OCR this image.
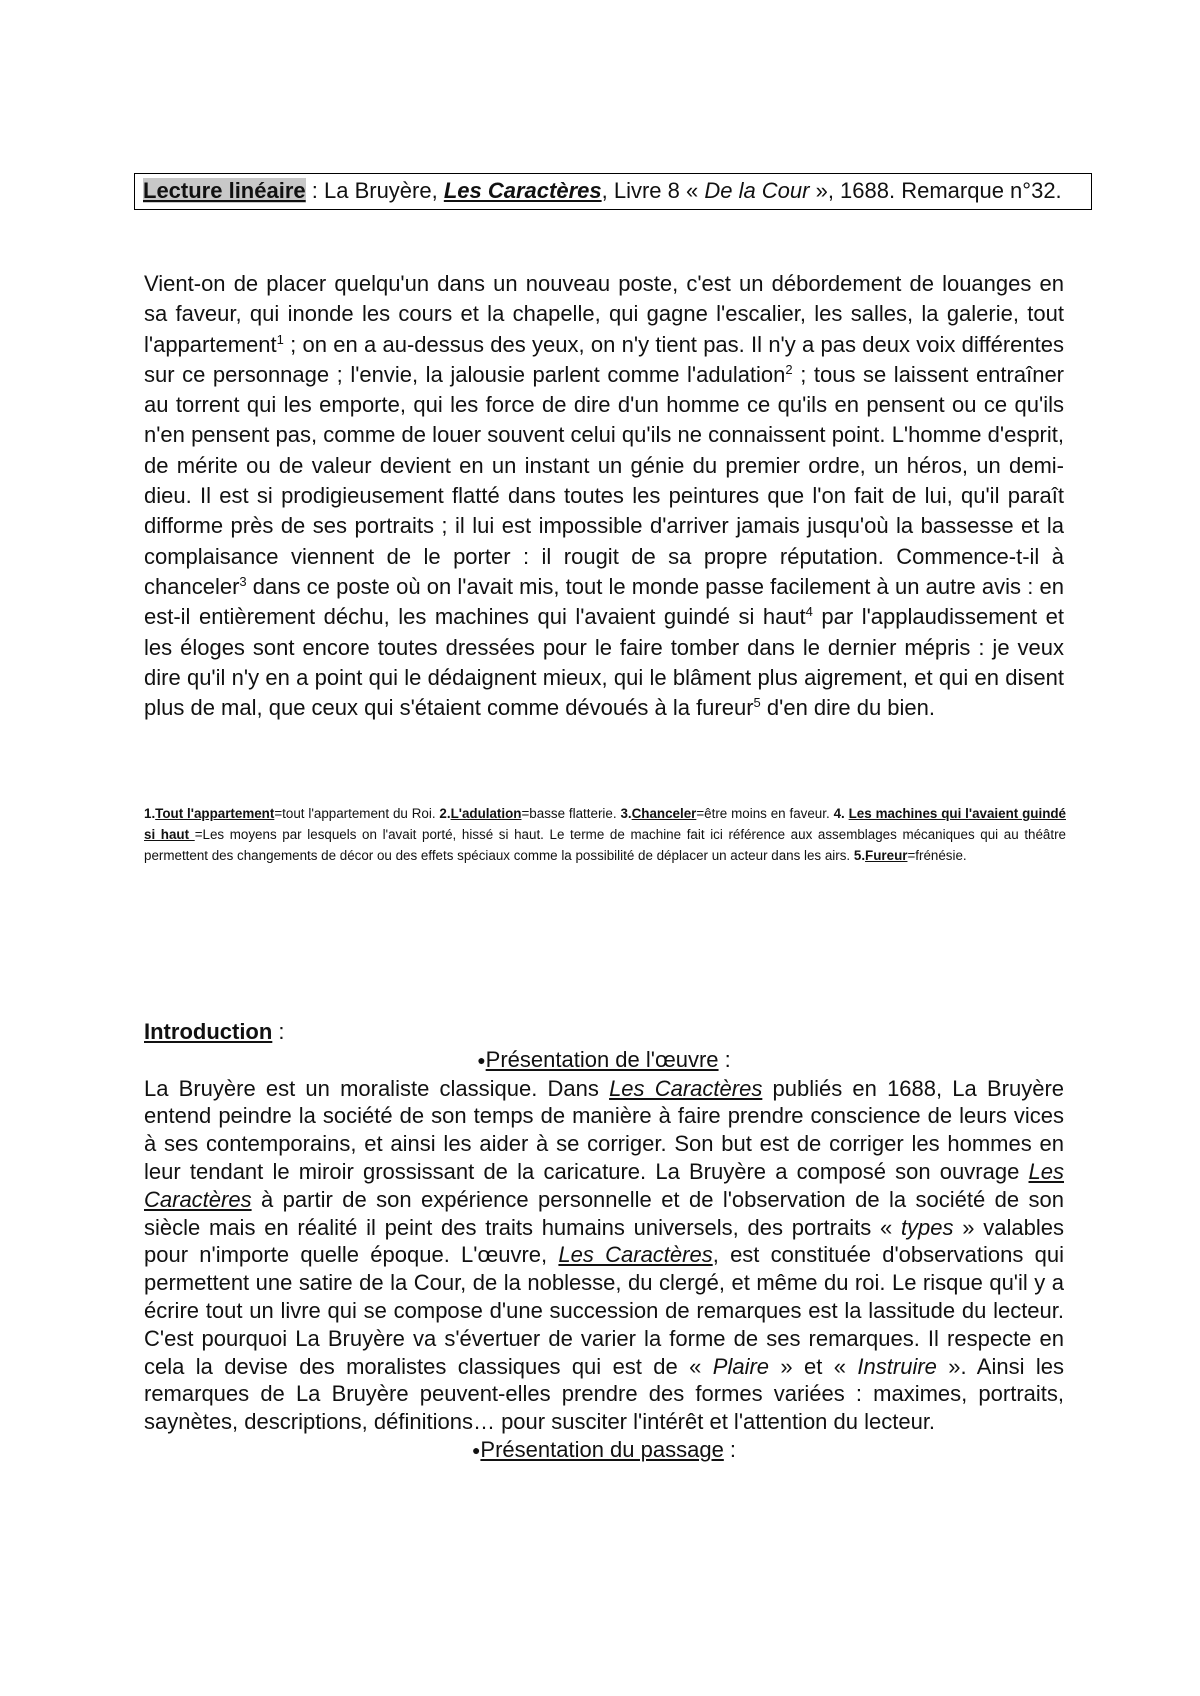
Lecture linéaire : La Bruyère, Les Caractères, Livre 8 « De la Cour », 1688. Remarque n°32.
Vient-on de placer quelqu'un dans un nouveau poste, c'est un débordement de louanges en sa faveur, qui inonde les cours et la chapelle, qui gagne l'escalier, les salles, la galerie, tout l'appartement$^1$ ; on en a au-dessus des yeux, on n'y tient pas. Il n'y a pas deux voix différentes sur ce personnage ; l'envie, la jalousie parlent comme l'adulation$^2$ ; tous se laissent entraîner au torrent qui les emporte, qui les force de dire d'un homme ce qu'ils en pensent ou ce qu'ils n'en pensent pas, comme de louer souvent celui qu'ils ne connaissent point. L'homme d'esprit, de mérite ou de valeur devient en un instant un génie du premier ordre, un héros, un demi-dieu. Il est si prodigieusement flatté dans toutes les peintures que l'on fait de lui, qu'il paraît difforme près de ses portraits ; il lui est impossible d'arriver jamais jusqu'où la bassesse et la complaisance viennent de le porter : il rougit de sa propre réputation. Commence-t-il à chanceler$^3$ dans ce poste où on l'avait mis, tout le monde passe facilement à un autre avis : en est-il entièrement déchu, les machines qui l'avaient guindé si haut$^4$ par l'applaudissement et les éloges sont encore toutes dressées pour le faire tomber dans le dernier mépris : je veux dire qu'il n'y en a point qui le dédaignent mieux, qui le blâment plus aigrement, et qui en disent plus de mal, que ceux qui s'étaient comme dévoués à la fureur$^5$ d'en dire du bien.
1.Tout l'appartement=tout l'appartement du Roi. 2.L'adulation=basse flatterie. 3.Chanceler=être moins en faveur. 4. Les machines qui l'avaient guindé si haut =Les moyens par lesquels on l'avait porté, hissé si haut. Le terme de machine fait ici référence aux assemblages mécaniques qui au théâtre permettent des changements de décor ou des effets spéciaux comme la possibilité de déplacer un acteur dans les airs. 5.Fureur=frénésie.
Introduction :
●Présentation de l'œuvre :
La Bruyère est un moraliste classique. Dans Les Caractères publiés en 1688, La Bruyère entend peindre la société de son temps de manière à faire prendre conscience de leurs vices à ses contemporains, et ainsi les aider à se corriger. Son but est de corriger les hommes en leur tendant le miroir grossissant de la caricature. La Bruyère a composé son ouvrage Les Caractères à partir de son expérience personnelle et de l'observation de la société de son siècle mais en réalité il peint des traits humains universels, des portraits « types » valables pour n'importe quelle époque. L'œuvre, Les Caractères, est constituée d'observations qui permettent une satire de la Cour, de la noblesse, du clergé, et même du roi. Le risque qu'il y a écrire tout un livre qui se compose d'une succession de remarques est la lassitude du lecteur. C'est pourquoi La Bruyère va s'évertuer de varier la forme de ses remarques. Il respecte en cela la devise des moralistes classiques qui est de « Plaire » et « Instruire ». Ainsi les remarques de La Bruyère peuvent-elles prendre des formes variées : maximes, portraits, saynètes, descriptions, définitions… pour susciter l'intérêt et l'attention du lecteur.
●Présentation du passage :
